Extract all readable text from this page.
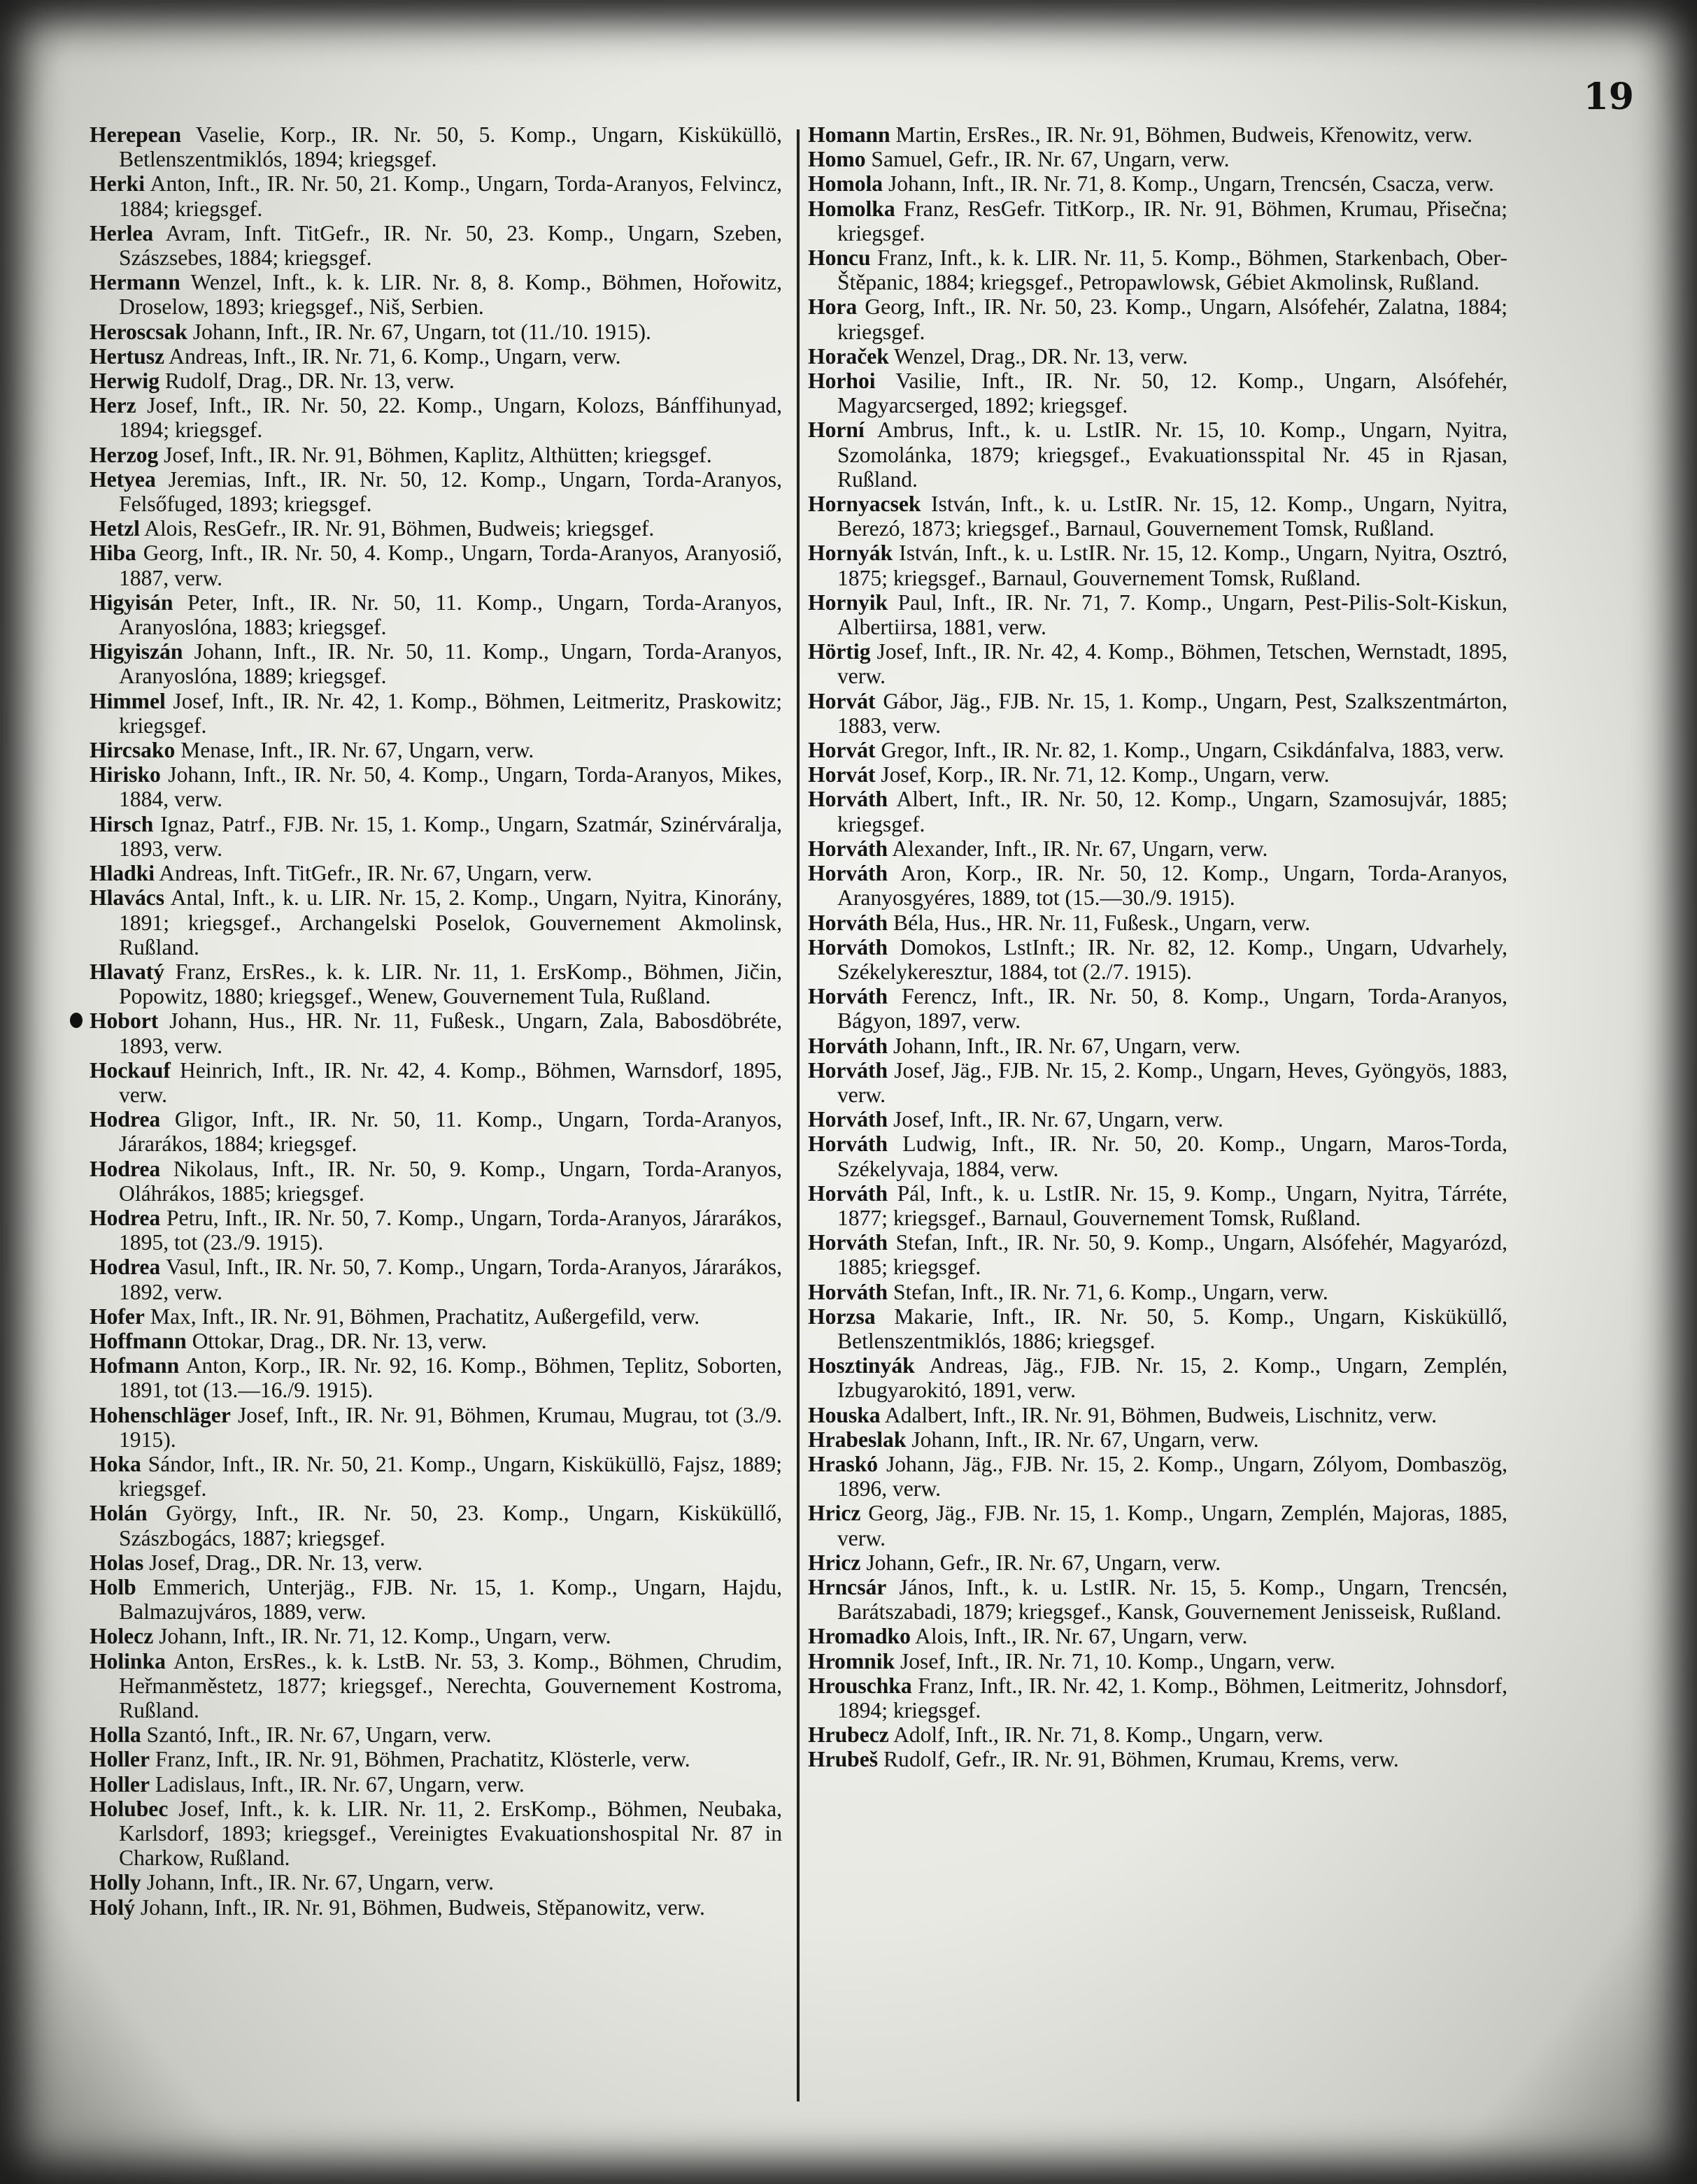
19
Herepean Vaselie, Korp., IR. Nr. 50, 5. Komp., Ungarn, Kisküküllö, Betlenszentmiklós, 1894; kriegsgef.
Herki Anton, Inft., IR. Nr. 50, 21. Komp., Ungarn, Torda-Aranyos, Felvincz, 1884; kriegsgef.
Herlea Avram, Inft. TitGefr., IR. Nr. 50, 23. Komp., Ungarn, Szeben, Szászsebes, 1884; kriegsgef.
Hermann Wenzel, Inft., k. k. LIR. Nr. 8, 8. Komp., Böhmen, Hořowitz, Droselow, 1893; kriegsgef., Niš, Serbien.
Heroscsak Johann, Inft., IR. Nr. 67, Ungarn, tot (11./10. 1915).
Hertusz Andreas, Inft., IR. Nr. 71, 6. Komp., Ungarn, verw.
Herwig Rudolf, Drag., DR. Nr. 13, verw.
Herz Josef, Inft., IR. Nr. 50, 22. Komp., Ungarn, Kolozs, Bánffihunyad, 1894; kriegsgef.
Herzog Josef, Inft., IR. Nr. 91, Böhmen, Kaplitz, Althütten; kriegsgef.
Hetyea Jeremias, Inft., IR. Nr. 50, 12. Komp., Ungarn, Torda-Aranyos, Felsőfuged, 1893; kriegsgef.
Hetzl Alois, ResGefr., IR. Nr. 91, Böhmen, Budweis; kriegsgef.
Hiba Georg, Inft., IR. Nr. 50, 4. Komp., Ungarn, Torda-Aranyos, Aranyosiő, 1887, verw.
Higyisán Peter, Inft., IR. Nr. 50, 11. Komp., Ungarn, Torda-Aranyos, Aranyoslóna, 1883; kriegsgef.
Higyiszán Johann, Inft., IR. Nr. 50, 11. Komp., Ungarn, Torda-Aranyos, Aranyoslóna, 1889; kriegsgef.
Himmel Josef, Inft., IR. Nr. 42, 1. Komp., Böhmen, Leitmeritz, Praskowitz; kriegsgef.
Hircsako Menase, Inft., IR. Nr. 67, Ungarn, verw.
Hirisko Johann, Inft., IR. Nr. 50, 4. Komp., Ungarn, Torda-Aranyos, Mikes, 1884, verw.
Hirsch Ignaz, Patrf., FJB. Nr. 15, 1. Komp., Ungarn, Szatmár, Szinérváralja, 1893, verw.
Hladki Andreas, Inft. TitGefr., IR. Nr. 67, Ungarn, verw.
Hlavács Antal, Inft., k. u. LIR. Nr. 15, 2. Komp., Ungarn, Nyitra, Kinorány, 1891; kriegsgef., Archangelski Poselok, Gouvernement Akmolinsk, Rußland.
Hlavatý Franz, ErsRes., k. k. LIR. Nr. 11, 1. ErsKomp., Böhmen, Jičin, Popowitz, 1880; kriegsgef., Wenew, Gouvernement Tula, Rußland.
Hobort Johann, Hus., HR. Nr. 11, Fußesk., Ungarn, Zala, Babosdöbréte, 1893, verw.
Hockauf Heinrich, Inft., IR. Nr. 42, 4. Komp., Böhmen, Warnsdorf, 1895, verw.
Hodrea Gligor, Inft., IR. Nr. 50, 11. Komp., Ungarn, Torda-Aranyos, Járarákos, 1884; kriegsgef.
Hodrea Nikolaus, Inft., IR. Nr. 50, 9. Komp., Ungarn, Torda-Aranyos, Oláhrákos, 1885; kriegsgef.
Hodrea Petru, Inft., IR. Nr. 50, 7. Komp., Ungarn, Torda-Aranyos, Járarákos, 1895, tot (23./9. 1915).
Hodrea Vasul, Inft., IR. Nr. 50, 7. Komp., Ungarn, Torda-Aranyos, Járarákos, 1892, verw.
Hofer Max, Inft., IR. Nr. 91, Böhmen, Prachatitz, Außergefild, verw.
Hoffmann Ottokar, Drag., DR. Nr. 13, verw.
Hofmann Anton, Korp., IR. Nr. 92, 16. Komp., Böhmen, Teplitz, Soborten, 1891, tot (13.—16./9. 1915).
Hohenschläger Josef, Inft., IR. Nr. 91, Böhmen, Krumau, Mugrau, tot (3./9. 1915).
Hoka Sándor, Inft., IR. Nr. 50, 21. Komp., Ungarn, Kisküküllö, Fajsz, 1889; kriegsgef.
Holán György, Inft., IR. Nr. 50, 23. Komp., Ungarn, Kisküküllő, Szászbogács, 1887; kriegsgef.
Holas Josef, Drag., DR. Nr. 13, verw.
Holb Emmerich, Unterjäg., FJB. Nr. 15, 1. Komp., Ungarn, Hajdu, Balmazujváros, 1889, verw.
Holecz Johann, Inft., IR. Nr. 71, 12. Komp., Ungarn, verw.
Holinka Anton, ErsRes., k. k. LstB. Nr. 53, 3. Komp., Böhmen, Chrudim, Heřmanměstetz, 1877; kriegsgef., Nerechta, Gouvernement Kostroma, Rußland.
Holla Szantó, Inft., IR. Nr. 67, Ungarn, verw.
Holler Franz, Inft., IR. Nr. 91, Böhmen, Prachatitz, Klösterle, verw.
Holler Ladislaus, Inft., IR. Nr. 67, Ungarn, verw.
Holubec Josef, Inft., k. k. LIR. Nr. 11, 2. ErsKomp., Böhmen, Neubaka, Karlsdorf, 1893; kriegsgef., Vereinigtes Evakuationshospital Nr. 87 in Charkow, Rußland.
Holly Johann, Inft., IR. Nr. 67, Ungarn, verw.
Holý Johann, Inft., IR. Nr. 91, Böhmen, Budweis, Stěpanowitz, verw.
Homann Martin, ErsRes., IR. Nr. 91, Böhmen, Budweis, Křenowitz, verw.
Homo Samuel, Gefr., IR. Nr. 67, Ungarn, verw.
Homola Johann, Inft., IR. Nr. 71, 8. Komp., Ungarn, Trencsén, Csacza, verw.
Homolka Franz, ResGefr. TitKorp., IR. Nr. 91, Böhmen, Krumau, Přisečna; kriegsgef.
Honcu Franz, Inft., k. k. LIR. Nr. 11, 5. Komp., Böhmen, Starkenbach, Ober-Štěpanic, 1884; kriegsgef., Petropawlowsk, Gébiet Akmolinsk, Rußland.
Hora Georg, Inft., IR. Nr. 50, 23. Komp., Ungarn, Alsófehér, Zalatna, 1884; kriegsgef.
Horaček Wenzel, Drag., DR. Nr. 13, verw.
Horhoi Vasilie, Inft., IR. Nr. 50, 12. Komp., Ungarn, Alsófehér, Magyarcserged, 1892; kriegsgef.
Horní Ambrus, Inft., k. u. LstIR. Nr. 15, 10. Komp., Ungarn, Nyitra, Szomolánka, 1879; kriegsgef., Evakuationsspital Nr. 45 in Rjasan, Rußland.
Hornyacsek István, Inft., k. u. LstIR. Nr. 15, 12. Komp., Ungarn, Nyitra, Berezó, 1873; kriegsgef., Barnaul, Gouvernement Tomsk, Rußland.
Hornyák István, Inft., k. u. LstIR. Nr. 15, 12. Komp., Ungarn, Nyitra, Osztró, 1875; kriegsgef., Barnaul, Gouvernement Tomsk, Rußland.
Hornyik Paul, Inft., IR. Nr. 71, 7. Komp., Ungarn, Pest-Pilis-Solt-Kiskun, Albertiirsa, 1881, verw.
Hörtig Josef, Inft., IR. Nr. 42, 4. Komp., Böhmen, Tetschen, Wernstadt, 1895, verw.
Horvát Gábor, Jäg., FJB. Nr. 15, 1. Komp., Ungarn, Pest, Szalkszentmárton, 1883, verw.
Horvát Gregor, Inft., IR. Nr. 82, 1. Komp., Ungarn, Csikdánfalva, 1883, verw.
Horvát Josef, Korp., IR. Nr. 71, 12. Komp., Ungarn, verw.
Horváth Albert, Inft., IR. Nr. 50, 12. Komp., Ungarn, Szamosujvár, 1885; kriegsgef.
Horváth Alexander, Inft., IR. Nr. 67, Ungarn, verw.
Horváth Aron, Korp., IR. Nr. 50, 12. Komp., Ungarn, Torda-Aranyos, Aranyosgyéres, 1889, tot (15.—30./9. 1915).
Horváth Béla, Hus., HR. Nr. 11, Fußesk., Ungarn, verw.
Horváth Domokos, LstInft.; IR. Nr. 82, 12. Komp., Ungarn, Udvarhely, Székelykeresztur, 1884, tot (2./7. 1915).
Horváth Ferencz, Inft., IR. Nr. 50, 8. Komp., Ungarn, Torda-Aranyos, Bágyon, 1897, verw.
Horváth Johann, Inft., IR. Nr. 67, Ungarn, verw.
Horváth Josef, Jäg., FJB. Nr. 15, 2. Komp., Ungarn, Heves, Gyöngyös, 1883, verw.
Horváth Josef, Inft., IR. Nr. 67, Ungarn, verw.
Horváth Ludwig, Inft., IR. Nr. 50, 20. Komp., Ungarn, Maros-Torda, Székelyvaja, 1884, verw.
Horváth Pál, Inft., k. u. LstIR. Nr. 15, 9. Komp., Ungarn, Nyitra, Tárréte, 1877; kriegsgef., Barnaul, Gouvernement Tomsk, Rußland.
Horváth Stefan, Inft., IR. Nr. 50, 9. Komp., Ungarn, Alsófehér, Magyarózd, 1885; kriegsgef.
Horváth Stefan, Inft., IR. Nr. 71, 6. Komp., Ungarn, verw.
Horzsa Makarie, Inft., IR. Nr. 50, 5. Komp., Ungarn, Kisküküllő, Betlenszentmiklós, 1886; kriegsgef.
Hosztinyák Andreas, Jäg., FJB. Nr. 15, 2. Komp., Ungarn, Zemplén, Izbugyarokitó, 1891, verw.
Houska Adalbert, Inft., IR. Nr. 91, Böhmen, Budweis, Lischnitz, verw.
Hrabeslak Johann, Inft., IR. Nr. 67, Ungarn, verw.
Hraskó Johann, Jäg., FJB. Nr. 15, 2. Komp., Ungarn, Zólyom, Dombaszög, 1896, verw.
Hricz Georg, Jäg., FJB. Nr. 15, 1. Komp., Ungarn, Zemplén, Majoras, 1885, verw.
Hricz Johann, Gefr., IR. Nr. 67, Ungarn, verw.
Hrncsár János, Inft., k. u. LstIR. Nr. 15, 5. Komp., Ungarn, Trencsén, Barátszabadi, 1879; kriegsgef., Kansk, Gouvernement Jenisseisk, Rußland.
Hromadko Alois, Inft., IR. Nr. 67, Ungarn, verw.
Hromnik Josef, Inft., IR. Nr. 71, 10. Komp., Ungarn, verw.
Hrouschka Franz, Inft., IR. Nr. 42, 1. Komp., Böhmen, Leitmeritz, Johnsdorf, 1894; kriegsgef.
Hrubecz Adolf, Inft., IR. Nr. 71, 8. Komp., Ungarn, verw.
Hrubeš Rudolf, Gefr., IR. Nr. 91, Böhmen, Krumau, Krems, verw.
